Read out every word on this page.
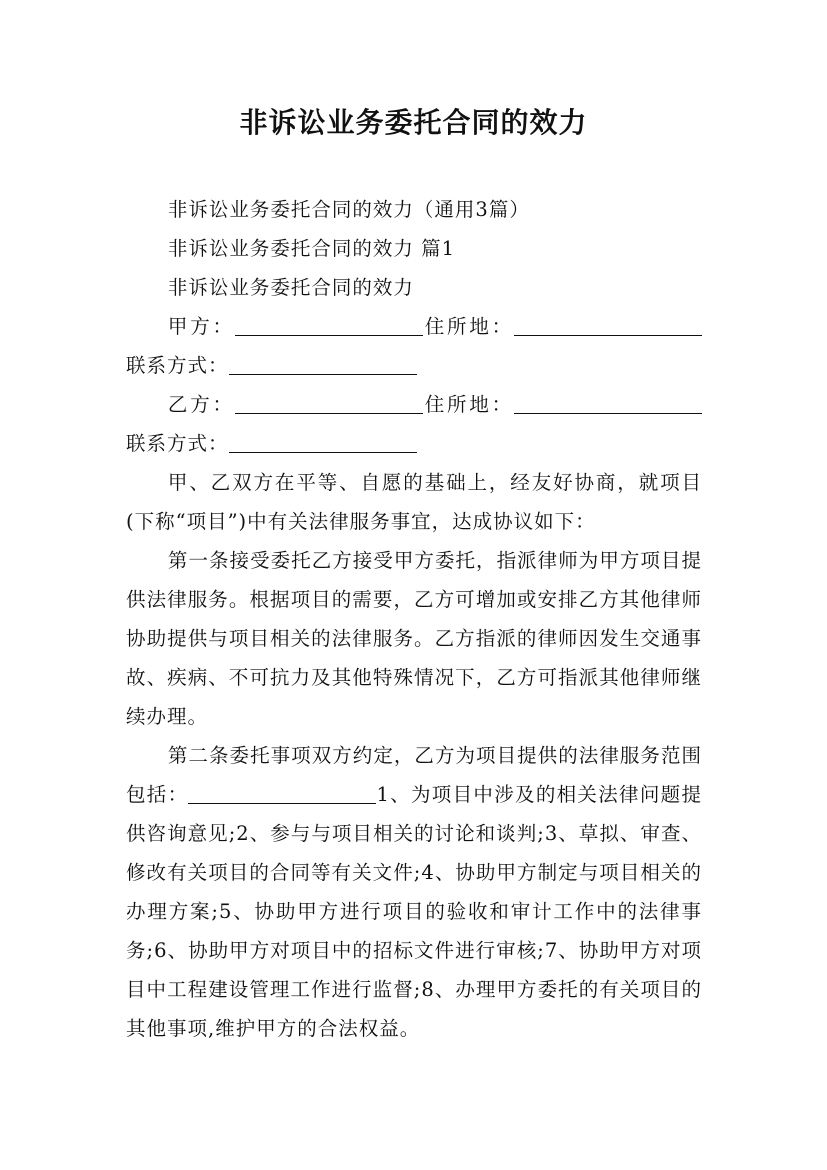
非诉讼业务委托合同的效力

非诉讼业务委托合同的效力（通用3篇）

非诉讼业务委托合同的效力 篇1

非诉讼业务委托合同的效力

甲方：	住所地：联系方式：

乙方：	住所地：联系方式：

甲、乙双方在平等、自愿的基础上，经友好协商，就项目(下称“项目”)中有关法律服务事宜，达成协议如下：

第一条接受委托乙方接受甲方委托，指派律师为甲方项目提供法律服务。根据项目的需要，乙方可增加或安排乙方其他律师协助提供与项目相关的法律服务。乙方指派的律师因发生交通事故、疾病、不可抗力及其他特殊情况下，乙方可指派其他律师继续办理。

第二条委托事项双方约定，乙方为项目提供的法律服务范围包括：	1、为项目中涉及的相关法律问题提供咨询意见;2、参与与项目相关的讨论和谈判;3、草拟、审查、修改有关项目的合同等有关文件;4、协助甲方制定与项目相关的办理方案;5、协助甲方进行项目的验收和审计工作中的法律事务;6、协助甲方对项目中的招标文件进行审核;7、协助甲方对项目中工程建设管理工作进行监督;8、办理甲方委托的有关项目的其他事项,维护甲方的合法权益。
